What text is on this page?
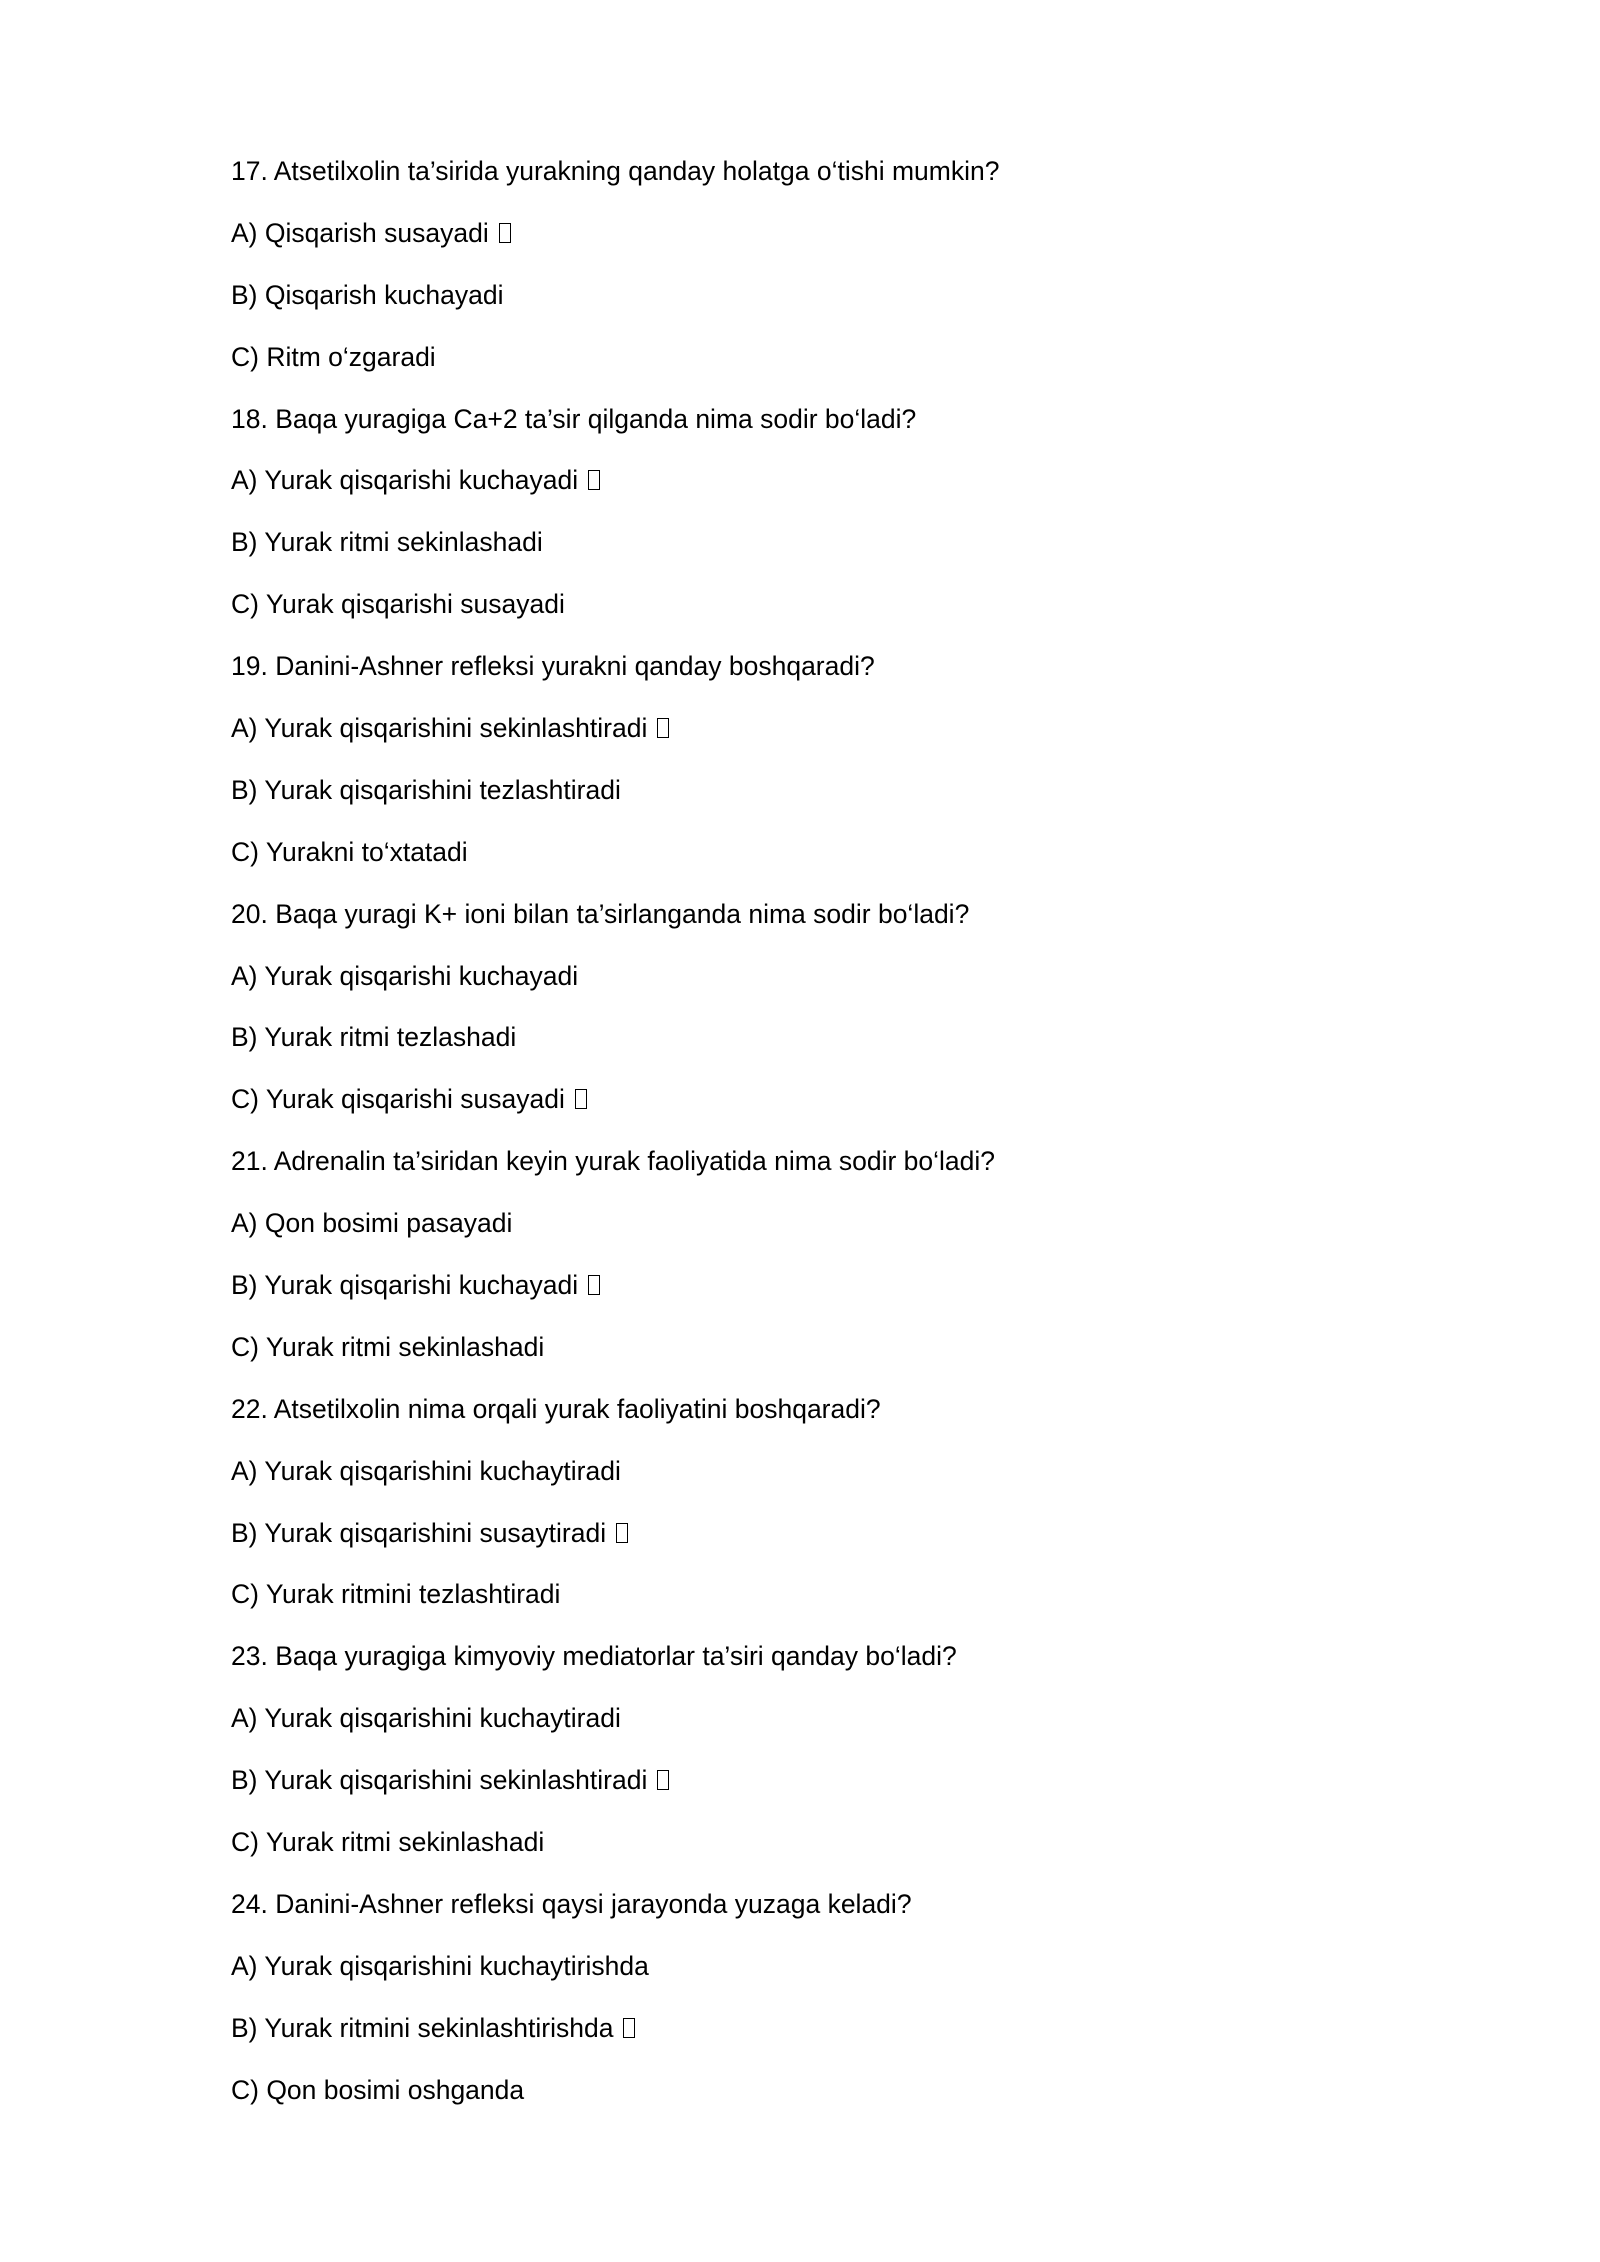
17. Atsetilxolin ta’sirida yurakning qanday holatga o‘tishi mumkin?
A) Qisqarish susayadi
B) Qisqarish kuchayadi
C) Ritm o‘zgaradi
18. Baqa yuragiga Ca+2 ta’sir qilganda nima sodir bo‘ladi?
A) Yurak qisqarishi kuchayadi
B) Yurak ritmi sekinlashadi
C) Yurak qisqarishi susayadi
19. Danini-Ashner refleksi yurakni qanday boshqaradi?
A) Yurak qisqarishini sekinlashtiradi
B) Yurak qisqarishini tezlashtiradi
C) Yurakni to‘xtatadi
20. Baqa yuragi K+ ioni bilan ta’sirlanganda nima sodir bo‘ladi?
A) Yurak qisqarishi kuchayadi
B) Yurak ritmi tezlashadi
C) Yurak qisqarishi susayadi
21. Adrenalin ta’siridan keyin yurak faoliyatida nima sodir bo‘ladi?
A) Qon bosimi pasayadi
B) Yurak qisqarishi kuchayadi
C) Yurak ritmi sekinlashadi
22. Atsetilxolin nima orqali yurak faoliyatini boshqaradi?
A) Yurak qisqarishini kuchaytiradi
B) Yurak qisqarishini susaytiradi
C) Yurak ritmini tezlashtiradi
23. Baqa yuragiga kimyoviy mediatorlar ta’siri qanday bo‘ladi?
A) Yurak qisqarishini kuchaytiradi
B) Yurak qisqarishini sekinlashtiradi
C) Yurak ritmi sekinlashadi
24. Danini-Ashner refleksi qaysi jarayonda yuzaga keladi?
A) Yurak qisqarishini kuchaytirishda
B) Yurak ritmini sekinlashtirishda
C) Qon bosimi oshganda
